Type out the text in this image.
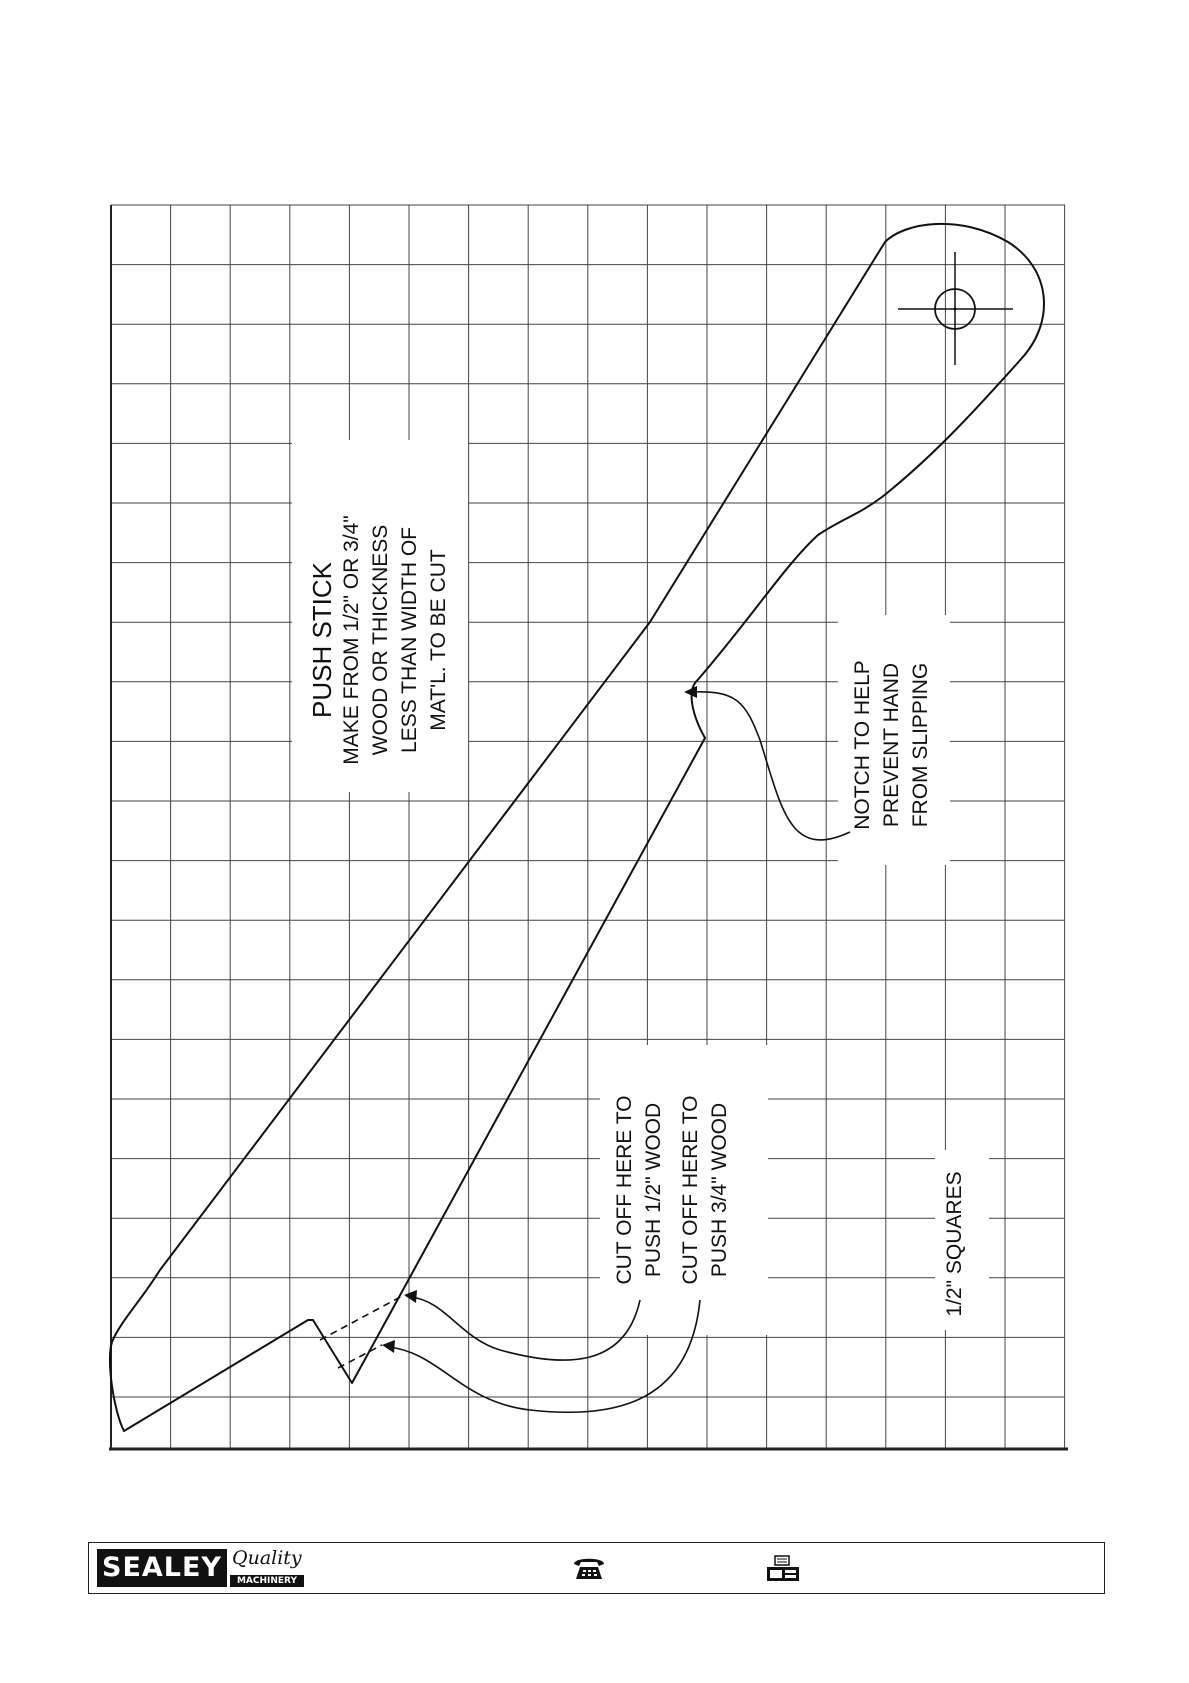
PUSH STICK MAKE FROM 1/2" OR 3/4" WOOD OR THICKNESS LESS THAN WIDTH OF MAT'L. TO BE CUT
NOTCH TO HELP PREVENT HAND FROM SLIPPING
CUT OFF HERE TO PUSH 1/2" WOOD CUT OFF HERE TO PUSH 3/4" WOOD	1/2" SQUARES
SEALEY Quality
MACHINERY
